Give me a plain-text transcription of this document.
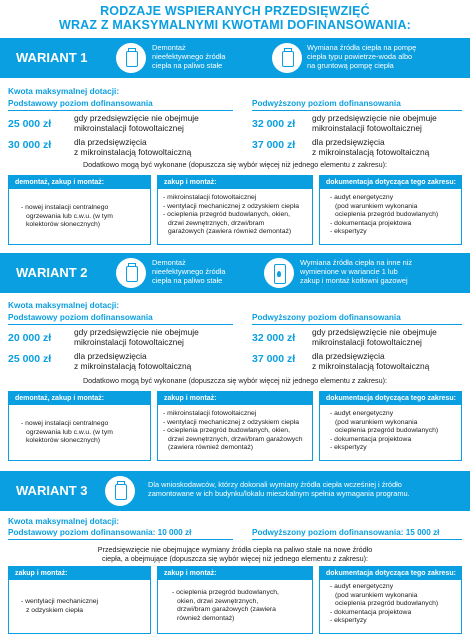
RODZAJE WSPIERANYCH PRZEDSIĘWZIĘĆ
WRAZ Z MAKSYMALNYMI KWOTAMI DOFINANSOWANIA:
WARIANT 1
Demontaż
nieefektywnego źródła
ciepła na paliwo stałe
Wymiana źródła ciepła na pompę
ciepła typu powietrze-woda albo
na gruntową pompę ciepła
Kwota maksymalnej dotacji:
Podstawowy poziom dofinansowania	Podwyższony poziom dofinansowania
25 000 zł	gdy przedsięwzięcie nie obejmuje
mikroinstalacji fotowoltaicznej
30 000 zł	dla przedsięwzięcia
z mikroinstalacją fotowoltaiczną
32 000 zł gdy przedsięwzięcie nie obejmuje
mikroinstalacji fotowoltaicznej
37 000 zł dla przedsięwzięcia
z mikroinstalacją fotowoltaiczną
Dodatkowo mogą być wykonane (dopuszcza się wybór więcej niż jednego elementu z zakresu):
demontaż, zakup i montaż:
- nowej instalacji centralnego
ogrzewania lub c.w.u. (w tym
kolektorów słonecznych)
zakup i montaż:
- mikroinstalacji fotowoltaicznej
- wentylacji mechanicznej z odzyskiem ciepła
- ocieplenia przegród budowlanych, okien,
drzwi zewnętrznych, drzwi/bram
garażowych (zawiera również demontaż)
dokumentacja dotycząca tego zakresu:
- audyt energetyczny
(pod warunkiem wykonania
ocieplenia przegród budowlanych)
- dokumentacja projektowa
- ekspertyzy
WARIANT 2
Demontaż
nieefektywnego źródła
ciepła na paliwo stałe
Wymiana źródła ciepła na inne niż
wymienione w wariancie 1 lub
zakup i montaż kotłowni gazowej
Kwota maksymalnej dotacji:
Podstawowy poziom dofinansowania	Podwyższony poziom dofinansowania
20 000 zł	gdy przedsięwzięcie nie obejmuje
mikroinstalacji fotowoltaicznej
25 000 zł	dla przedsięwzięcia
z mikroinstalacją fotowoltaiczną
32 000 zł gdy przedsięwzięcie nie obejmuje
mikroinstalacji fotowoltaicznej
37 000 zł dla przedsięwzięcia
z mikroinstalacją fotowoltaiczną
Dodatkowo mogą być wykonane (dopuszcza się wybór więcej niż jednego elementu z zakresu):
demontaż, zakup i montaż:
- nowej instalacji centralnego
ogrzewania lub c.w.u. (w tym
kolektorów słonecznych)
zakup i montaż:
- mikroinstalacji fotowoltaicznej
- wentylacji mechanicznej z odzyskiem ciepła
- ocieplenia przegród budowlanych, okien,
drzwi zewnętrznych, drzwi/bram garażowych
(zawiera również demontaż)
dokumentacja dotycząca tego zakresu:
- audyt energetyczny
(pod warunkiem wykonania
ocieplenia przegród budowlanych)
- dokumentacja projektowa
- ekspertyzy
WARIANT 3	Dla wnioskodawców, którzy dokonali wymiany źródła ciepła wcześniej i źródło
zamontowane w ich budynku/lokalu mieszkalnym spełnia wymagania programu.
Kwota maksymalnej dotacji:
Podstawowy poziom dofinansowania: 10 000 zł	Podwyższony poziom dofinansowania: 15 000 zł
Przedsięwzięcie nie obejmujące wymiany źródła ciepła na paliwo stałe na nowe źródło
ciepła, a obejmujące (dopuszcza się wybór więcej niż jednego elementu z zakresu):
zakup i montaż:
- wentylacji mechanicznej
z odzyskiem ciepła
zakup i montaż:
- ocieplenia przegród budowlanych,
okien, drzwi zewnętrznych,
drzwi/bram garażowych (zawiera
również demontaż)
dokumentacja dotycząca tego zakresu:
- audyt energetyczny
(pod warunkiem wykonania
ocieplenia przegród budowlanych)
- dokumentacja projektowa
- ekspertyzy
